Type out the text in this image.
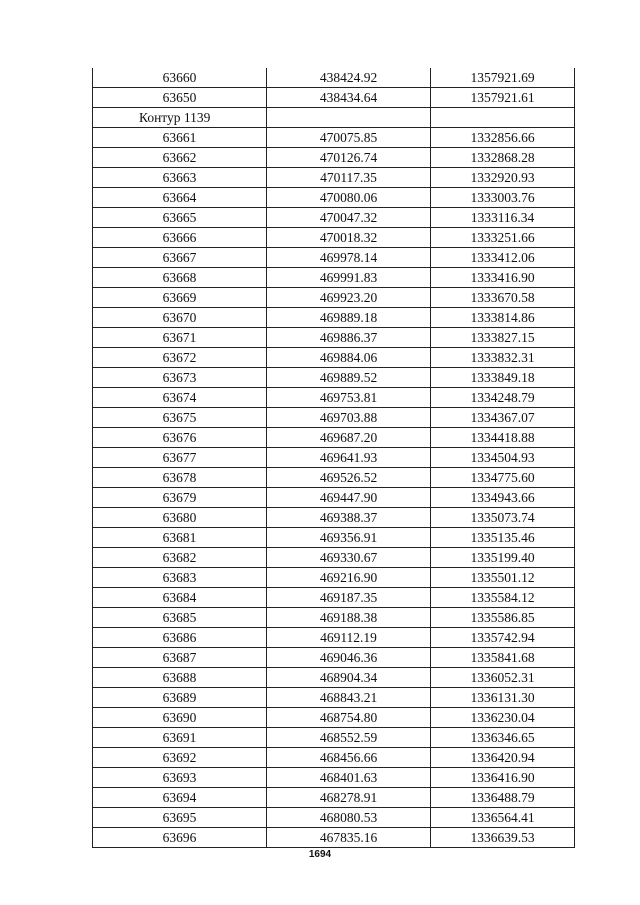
63660	438424.92	1357921.69
63650	438434.64	1357921.61
Контур 1139		
63661	470075.85	1332856.66
63662	470126.74	1332868.28
63663	470117.35	1332920.93
63664	470080.06	1333003.76
63665	470047.32	1333116.34
63666	470018.32	1333251.66
63667	469978.14	1333412.06
63668	469991.83	1333416.90
63669	469923.20	1333670.58
63670	469889.18	1333814.86
63671	469886.37	1333827.15
63672	469884.06	1333832.31
63673	469889.52	1333849.18
63674	469753.81	1334248.79
63675	469703.88	1334367.07
63676	469687.20	1334418.88
63677	469641.93	1334504.93
63678	469526.52	1334775.60
63679	469447.90	1334943.66
63680	469388.37	1335073.74
63681	469356.91	1335135.46
63682	469330.67	1335199.40
63683	469216.90	1335501.12
63684	469187.35	1335584.12
63685	469188.38	1335586.85
63686	469112.19	1335742.94
63687	469046.36	1335841.68
63688	468904.34	1336052.31
63689	468843.21	1336131.30
63690	468754.80	1336230.04
63691	468552.59	1336346.65
63692	468456.66	1336420.94
63693	468401.63	1336416.90
63694	468278.91	1336488.79
63695	468080.53	1336564.41
63696	467835.16	1336639.53
1694
